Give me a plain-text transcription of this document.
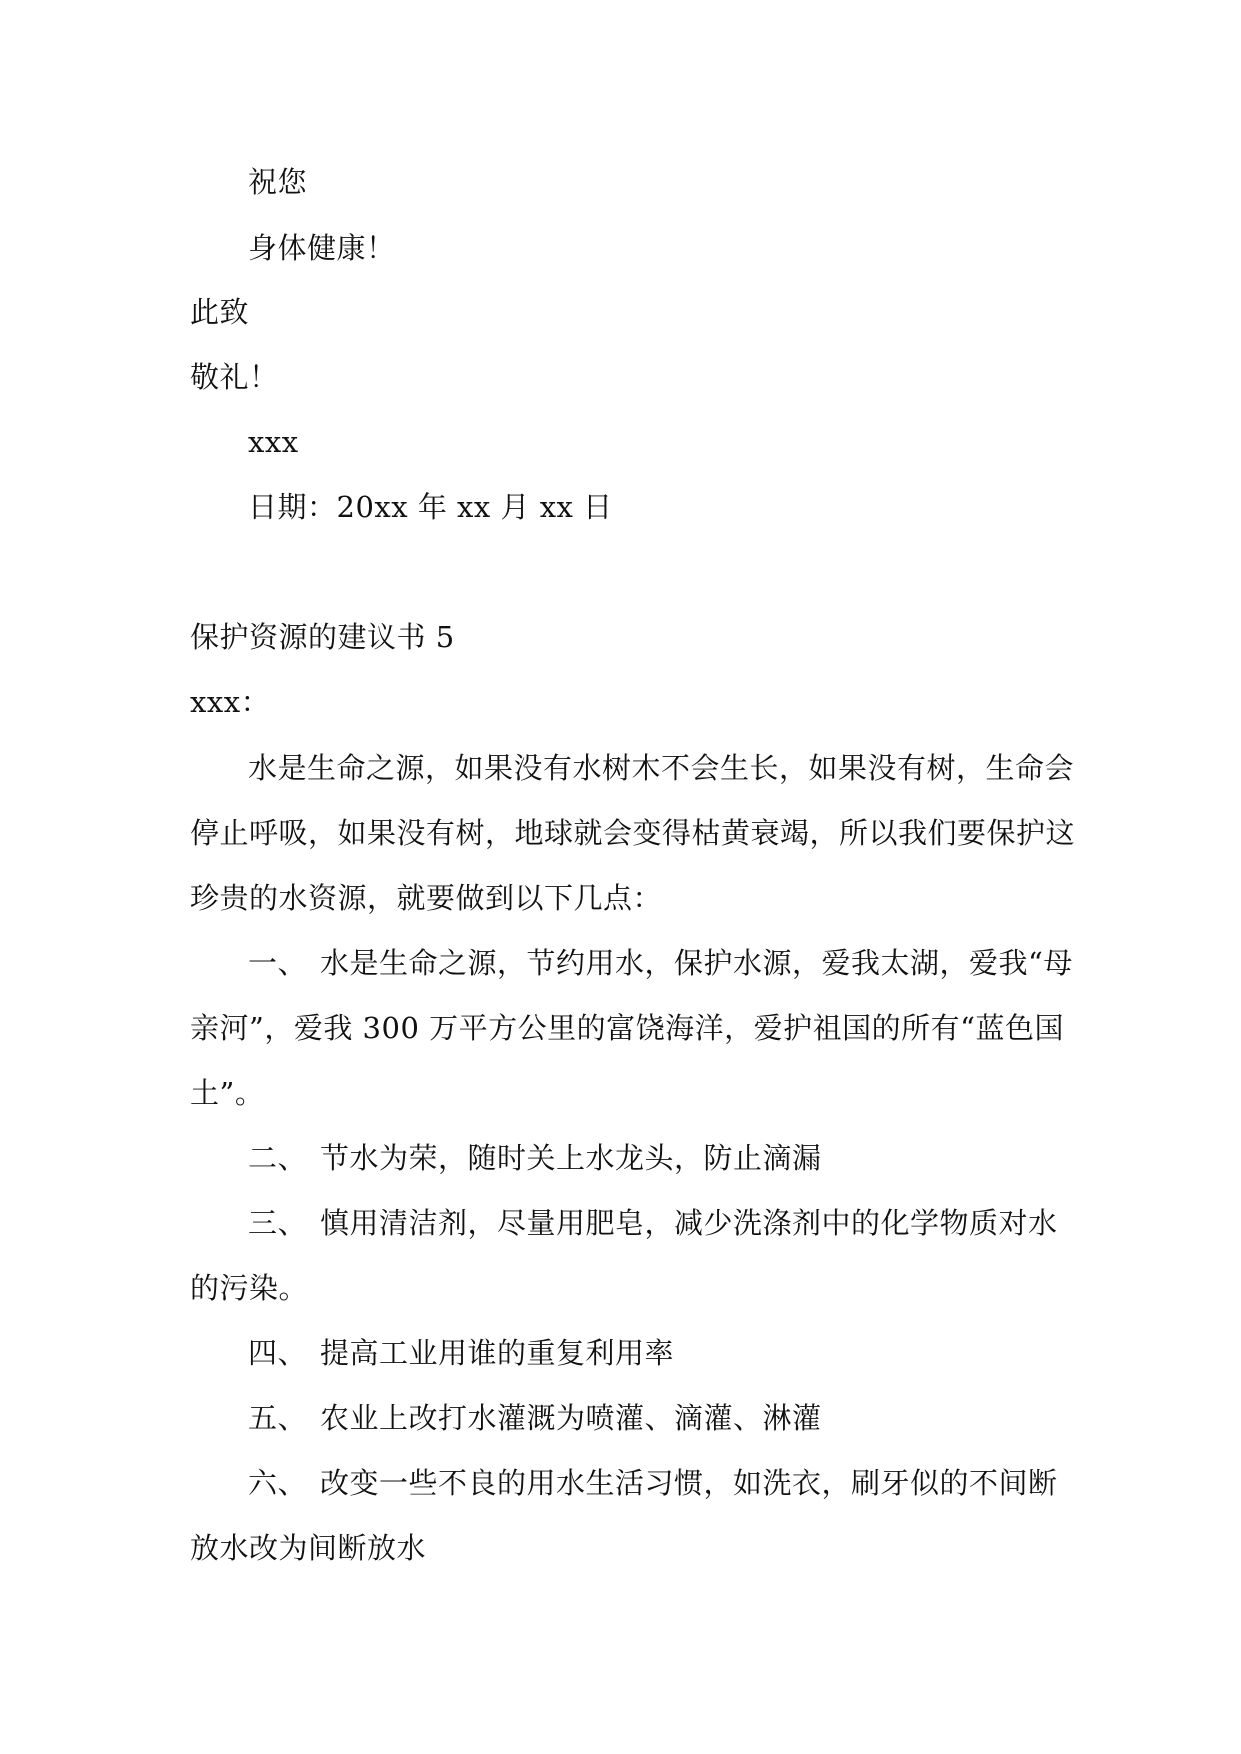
祝您
身体健康！
此致
敬礼！
xxx
日期：20xx 年 xx 月 xx 日
保护资源的建议书 5
xxx：
水是生命之源，如果没有水树木不会生长，如果没有树，生命会
停止呼吸，如果没有树，地球就会变得枯黄衰竭，所以我们要保护这
珍贵的水资源，就要做到以下几点：
一、 水是生命之源，节约用水，保护水源，爱我太湖，爱我“母
亲河”，爱我 300 万平方公里的富饶海洋，爱护祖国的所有“蓝色国
土”。
二、 节水为荣，随时关上水龙头，防止滴漏
三、 慎用清洁剂，尽量用肥皂，减少洗涤剂中的化学物质对水
的污染。
四、 提高工业用谁的重复利用率
五、 农业上改打水灌溉为喷灌、滴灌、淋灌
六、 改变一些不良的用水生活习惯，如洗衣，刷牙似的不间断
放水改为间断放水
